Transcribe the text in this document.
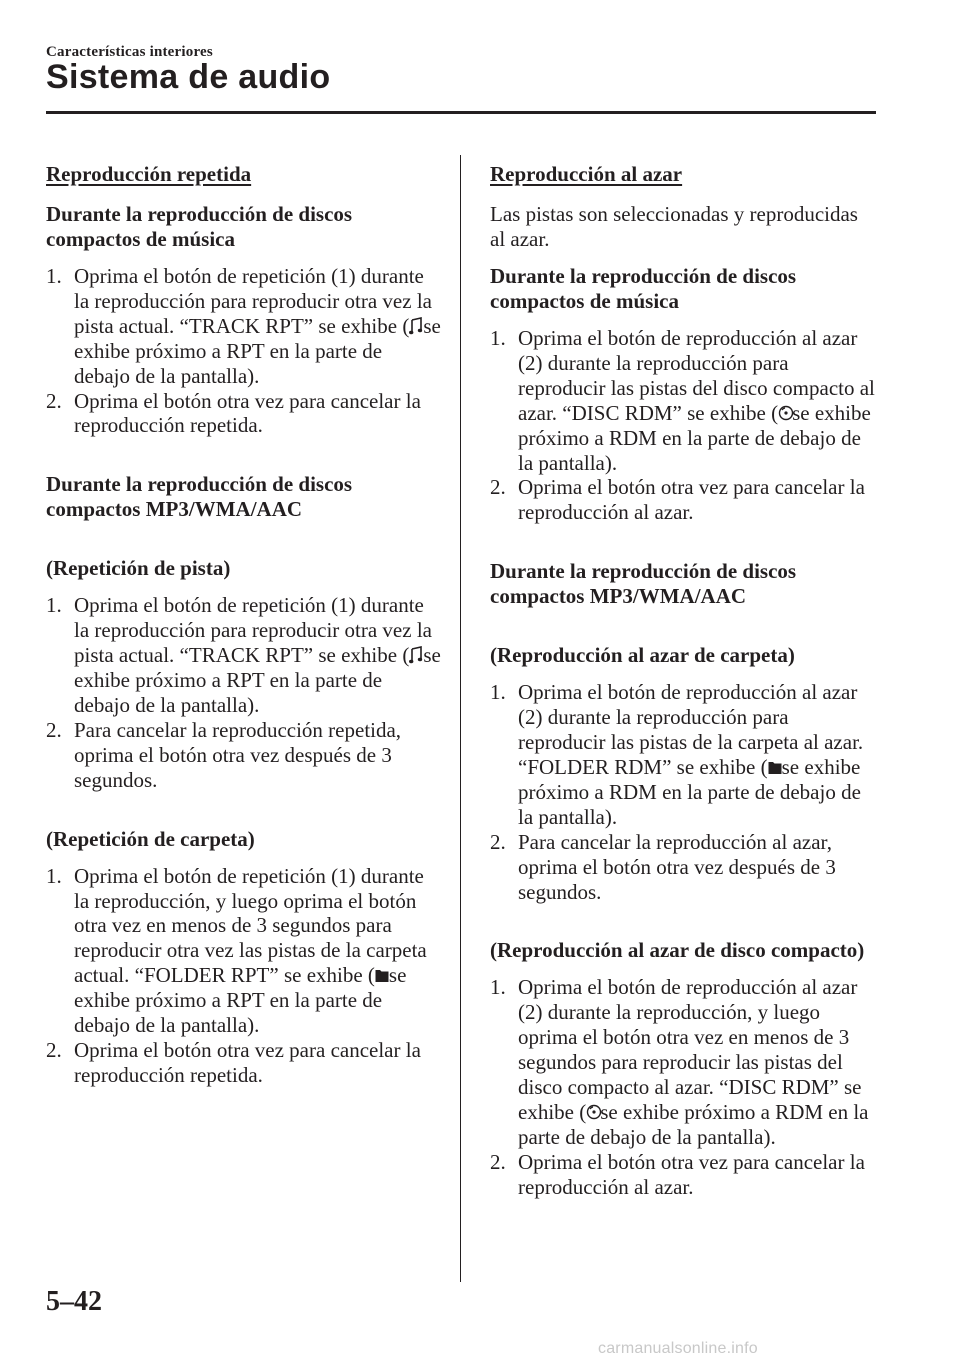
Características interiores
Sistema de audio
Reproducción repetida
Durante la reproducción de discos compactos de música
1. Oprima el botón de repetición (1) durante la reproducción para reproducir otra vez la pista actual. “TRACK RPT” se exhibe ( se exhibe próximo a RPT en la parte de debajo de la pantalla).
2. Oprima el botón otra vez para cancelar la reproducción repetida.
Durante la reproducción de discos compactos MP3/WMA/AAC
(Repetición de pista)
1. Oprima el botón de repetición (1) durante la reproducción para reproducir otra vez la pista actual. “TRACK RPT” se exhibe ( se exhibe próximo a RPT en la parte de debajo de la pantalla).
2. Para cancelar la reproducción repetida, oprima el botón otra vez después de 3 segundos.
(Repetición de carpeta)
1. Oprima el botón de repetición (1) durante la reproducción, y luego oprima el botón otra vez en menos de 3 segundos para reproducir otra vez las pistas de la carpeta actual. “FOLDER RPT” se exhibe ( se exhibe próximo a RPT en la parte de debajo de la pantalla).
2. Oprima el botón otra vez para cancelar la reproducción repetida.
Reproducción al azar
Las pistas son seleccionadas y reproducidas al azar.
Durante la reproducción de discos compactos de música
1. Oprima el botón de reproducción al azar (2) durante la reproducción para reproducir las pistas del disco compacto al azar. “DISC RDM” se exhibe ( se exhibe próximo a RDM en la parte de debajo de la pantalla).
2. Oprima el botón otra vez para cancelar la reproducción al azar.
Durante la reproducción de discos compactos MP3/WMA/AAC
(Reproducción al azar de carpeta)
1. Oprima el botón de reproducción al azar (2) durante la reproducción para reproducir las pistas de la carpeta al azar. “FOLDER RDM” se exhibe ( se exhibe próximo a RDM en la parte de debajo de la pantalla).
2. Para cancelar la reproducción al azar, oprima el botón otra vez después de 3 segundos.
(Reproducción al azar de disco compacto)
1. Oprima el botón de reproducción al azar (2) durante la reproducción, y luego oprima el botón otra vez en menos de 3 segundos para reproducir las pistas del disco compacto al azar. “DISC RDM” se exhibe ( se exhibe próximo a RDM en la parte de debajo de la pantalla).
2. Oprima el botón otra vez para cancelar la reproducción al azar.
5–42
carmanualsonline.info
